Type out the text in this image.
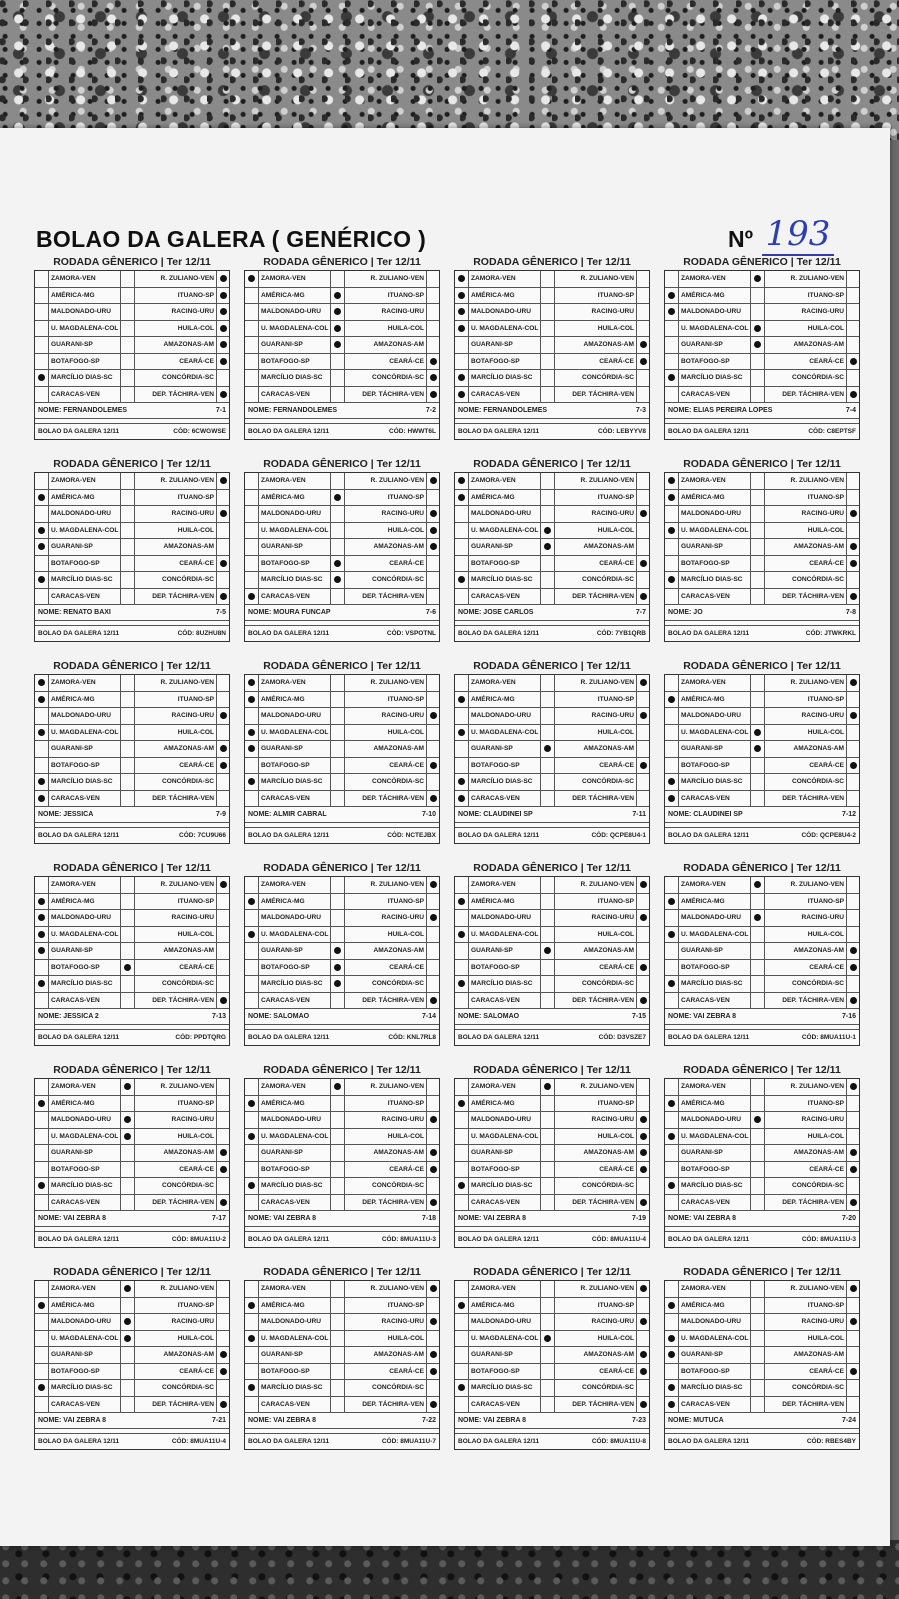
BOLAO DA GALERA ( GENÉRICO )	Nº 193
RODADA GÊNERICO | Ter 12/11
ZAMORA-VEN	R. ZULIANO-VEN
AMÉRICA-MG	ITUANO-SP
MALDONADO-URU	RACING-URU
U. MAGDALENA-COL	HUILA-COL
GUARANI-SP	AMAZONAS-AM
BOTAFOGO-SP	CEARÁ-CE
MARCÍLIO DIAS-SC	CONCÓRDIA-SC
CARACAS-VEN	DEP. TÁCHIRA-VEN
NOME: FERNANDOLEMES	7-1
BOLAO DA GALERA 12/11	CÓD: 6CWGWSE
RODADA GÊNERICO | Ter 12/11
ZAMORA-VEN	R. ZULIANO-VEN
AMÉRICA-MG	ITUANO-SP
MALDONADO-URU	RACING-URU
U. MAGDALENA-COL	HUILA-COL
GUARANI-SP	AMAZONAS-AM
BOTAFOGO-SP	CEARÁ-CE
MARCÍLIO DIAS-SC	CONCÓRDIA-SC
CARACAS-VEN	DEP. TÁCHIRA-VEN
NOME: FERNANDOLEMES	7-2
BOLAO DA GALERA 12/11	CÓD: HWWT6L
RODADA GÊNERICO | Ter 12/11
ZAMORA-VEN	R. ZULIANO-VEN
AMÉRICA-MG	ITUANO-SP
MALDONADO-URU	RACING-URU
U. MAGDALENA-COL	HUILA-COL
GUARANI-SP	AMAZONAS-AM
BOTAFOGO-SP	CEARÁ-CE
MARCÍLIO DIAS-SC	CONCÓRDIA-SC
CARACAS-VEN	DEP. TÁCHIRA-VEN
NOME: FERNANDOLEMES	7-3
BOLAO DA GALERA 12/11	CÓD: LEBYYV8
RODADA GÊNERICO | Ter 12/11
ZAMORA-VEN	R. ZULIANO-VEN
AMÉRICA-MG	ITUANO-SP
MALDONADO-URU	RACING-URU
U. MAGDALENA-COL	HUILA-COL
GUARANI-SP	AMAZONAS-AM
BOTAFOGO-SP	CEARÁ-CE
MARCÍLIO DIAS-SC	CONCÓRDIA-SC
CARACAS-VEN	DEP. TÁCHIRA-VEN
NOME: ELIAS PEREIRA LOPES	7-4
BOLAO DA GALERA 12/11	CÓD: C8EPTSF
RODADA GÊNERICO | Ter 12/11
ZAMORA-VEN	R. ZULIANO-VEN
AMÉRICA-MG	ITUANO-SP
MALDONADO-URU	RACING-URU
U. MAGDALENA-COL	HUILA-COL
GUARANI-SP	AMAZONAS-AM
BOTAFOGO-SP	CEARÁ-CE
MARCÍLIO DIAS-SC	CONCÓRDIA-SC
CARACAS-VEN	DEP. TÁCHIRA-VEN
NOME: RENATO BAXI	7-5
BOLAO DA GALERA 12/11	CÓD: 8UZHU8N
RODADA GÊNERICO | Ter 12/11
ZAMORA-VEN	R. ZULIANO-VEN
AMÉRICA-MG	ITUANO-SP
MALDONADO-URU	RACING-URU
U. MAGDALENA-COL	HUILA-COL
GUARANI-SP	AMAZONAS-AM
BOTAFOGO-SP	CEARÁ-CE
MARCÍLIO DIAS-SC	CONCÓRDIA-SC
CARACAS-VEN	DEP. TÁCHIRA-VEN
NOME: MOURA FUNCAP	7-6
BOLAO DA GALERA 12/11	CÓD: VSPOTNL
RODADA GÊNERICO | Ter 12/11
ZAMORA-VEN	R. ZULIANO-VEN
AMÉRICA-MG	ITUANO-SP
MALDONADO-URU	RACING-URU
U. MAGDALENA-COL	HUILA-COL
GUARANI-SP	AMAZONAS-AM
BOTAFOGO-SP	CEARÁ-CE
MARCÍLIO DIAS-SC	CONCÓRDIA-SC
CARACAS-VEN	DEP. TÁCHIRA-VEN
NOME: JOSE CARLOS	7-7
BOLAO DA GALERA 12/11	CÓD: 7YB1QRB
RODADA GÊNERICO | Ter 12/11
ZAMORA-VEN	R. ZULIANO-VEN
AMÉRICA-MG	ITUANO-SP
MALDONADO-URU	RACING-URU
U. MAGDALENA-COL	HUILA-COL
GUARANI-SP	AMAZONAS-AM
BOTAFOGO-SP	CEARÁ-CE
MARCÍLIO DIAS-SC	CONCÓRDIA-SC
CARACAS-VEN	DEP. TÁCHIRA-VEN
NOME: JO	7-8
BOLAO DA GALERA 12/11	CÓD: JTWKRKL
RODADA GÊNERICO | Ter 12/11
ZAMORA-VEN	R. ZULIANO-VEN
AMÉRICA-MG	ITUANO-SP
MALDONADO-URU	RACING-URU
U. MAGDALENA-COL	HUILA-COL
GUARANI-SP	AMAZONAS-AM
BOTAFOGO-SP	CEARÁ-CE
MARCÍLIO DIAS-SC	CONCÓRDIA-SC
CARACAS-VEN	DEP. TÁCHIRA-VEN
NOME: JESSICA	7-9
BOLAO DA GALERA 12/11	CÓD: 7CU9U66
RODADA GÊNERICO | Ter 12/11
ZAMORA-VEN	R. ZULIANO-VEN
AMÉRICA-MG	ITUANO-SP
MALDONADO-URU	RACING-URU
U. MAGDALENA-COL	HUILA-COL
GUARANI-SP	AMAZONAS-AM
BOTAFOGO-SP	CEARÁ-CE
MARCÍLIO DIAS-SC	CONCÓRDIA-SC
CARACAS-VEN	DEP. TÁCHIRA-VEN
NOME: ALMIR CABRAL	7-10
BOLAO DA GALERA 12/11	CÓD: NCTEJBX
RODADA GÊNERICO | Ter 12/11
ZAMORA-VEN	R. ZULIANO-VEN
AMÉRICA-MG	ITUANO-SP
MALDONADO-URU	RACING-URU
U. MAGDALENA-COL	HUILA-COL
GUARANI-SP	AMAZONAS-AM
BOTAFOGO-SP	CEARÁ-CE
MARCÍLIO DIAS-SC	CONCÓRDIA-SC
CARACAS-VEN	DEP. TÁCHIRA-VEN
NOME: CLAUDINEI SP	7-11
BOLAO DA GALERA 12/11	CÓD: QCPE8U4-1
RODADA GÊNERICO | Ter 12/11
ZAMORA-VEN	R. ZULIANO-VEN
AMÉRICA-MG	ITUANO-SP
MALDONADO-URU	RACING-URU
U. MAGDALENA-COL	HUILA-COL
GUARANI-SP	AMAZONAS-AM
BOTAFOGO-SP	CEARÁ-CE
MARCÍLIO DIAS-SC	CONCÓRDIA-SC
CARACAS-VEN	DEP. TÁCHIRA-VEN
NOME: CLAUDINEI SP	7-12
BOLAO DA GALERA 12/11	CÓD: QCPE8U4-2
RODADA GÊNERICO | Ter 12/11
ZAMORA-VEN	R. ZULIANO-VEN
AMÉRICA-MG	ITUANO-SP
MALDONADO-URU	RACING-URU
U. MAGDALENA-COL	HUILA-COL
GUARANI-SP	AMAZONAS-AM
BOTAFOGO-SP	CEARÁ-CE
MARCÍLIO DIAS-SC	CONCÓRDIA-SC
CARACAS-VEN	DEP. TÁCHIRA-VEN
NOME: JESSICA 2	7-13
BOLAO DA GALERA 12/11	CÓD: PPDTQRG
RODADA GÊNERICO | Ter 12/11
ZAMORA-VEN	R. ZULIANO-VEN
AMÉRICA-MG	ITUANO-SP
MALDONADO-URU	RACING-URU
U. MAGDALENA-COL	HUILA-COL
GUARANI-SP	AMAZONAS-AM
BOTAFOGO-SP	CEARÁ-CE
MARCÍLIO DIAS-SC	CONCÓRDIA-SC
CARACAS-VEN	DEP. TÁCHIRA-VEN
NOME: SALOMAO	7-14
BOLAO DA GALERA 12/11	CÓD: KNL7RL8
RODADA GÊNERICO | Ter 12/11
ZAMORA-VEN	R. ZULIANO-VEN
AMÉRICA-MG	ITUANO-SP
MALDONADO-URU	RACING-URU
U. MAGDALENA-COL	HUILA-COL
GUARANI-SP	AMAZONAS-AM
BOTAFOGO-SP	CEARÁ-CE
MARCÍLIO DIAS-SC	CONCÓRDIA-SC
CARACAS-VEN	DEP. TÁCHIRA-VEN
NOME: SALOMAO	7-15
BOLAO DA GALERA 12/11	CÓD: D3VSZE7
RODADA GÊNERICO | Ter 12/11
ZAMORA-VEN	R. ZULIANO-VEN
AMÉRICA-MG	ITUANO-SP
MALDONADO-URU	RACING-URU
U. MAGDALENA-COL	HUILA-COL
GUARANI-SP	AMAZONAS-AM
BOTAFOGO-SP	CEARÁ-CE
MARCÍLIO DIAS-SC	CONCÓRDIA-SC
CARACAS-VEN	DEP. TÁCHIRA-VEN
NOME: VAI ZEBRA 8	7-16
BOLAO DA GALERA 12/11	CÓD: 8MUA11U-1
RODADA GÊNERICO | Ter 12/11
ZAMORA-VEN	R. ZULIANO-VEN
AMÉRICA-MG	ITUANO-SP
MALDONADO-URU	RACING-URU
U. MAGDALENA-COL	HUILA-COL
GUARANI-SP	AMAZONAS-AM
BOTAFOGO-SP	CEARÁ-CE
MARCÍLIO DIAS-SC	CONCÓRDIA-SC
CARACAS-VEN	DEP. TÁCHIRA-VEN
NOME: VAI ZEBRA 8	7-17
BOLAO DA GALERA 12/11	CÓD: 8MUA11U-2
RODADA GÊNERICO | Ter 12/11
ZAMORA-VEN	R. ZULIANO-VEN
AMÉRICA-MG	ITUANO-SP
MALDONADO-URU	RACING-URU
U. MAGDALENA-COL	HUILA-COL
GUARANI-SP	AMAZONAS-AM
BOTAFOGO-SP	CEARÁ-CE
MARCÍLIO DIAS-SC	CONCÓRDIA-SC
CARACAS-VEN	DEP. TÁCHIRA-VEN
NOME: VAI ZEBRA 8	7-18
BOLAO DA GALERA 12/11	CÓD: 8MUA11U-3
RODADA GÊNERICO | Ter 12/11
ZAMORA-VEN	R. ZULIANO-VEN
AMÉRICA-MG	ITUANO-SP
MALDONADO-URU	RACING-URU
U. MAGDALENA-COL	HUILA-COL
GUARANI-SP	AMAZONAS-AM
BOTAFOGO-SP	CEARÁ-CE
MARCÍLIO DIAS-SC	CONCÓRDIA-SC
CARACAS-VEN	DEP. TÁCHIRA-VEN
NOME: VAI ZEBRA 8	7-19
BOLAO DA GALERA 12/11	CÓD: 8MUA11U-4
RODADA GÊNERICO | Ter 12/11
ZAMORA-VEN	R. ZULIANO-VEN
AMÉRICA-MG	ITUANO-SP
MALDONADO-URU	RACING-URU
U. MAGDALENA-COL	HUILA-COL
GUARANI-SP	AMAZONAS-AM
BOTAFOGO-SP	CEARÁ-CE
MARCÍLIO DIAS-SC	CONCÓRDIA-SC
CARACAS-VEN	DEP. TÁCHIRA-VEN
NOME: VAI ZEBRA 8	7-20
BOLAO DA GALERA 12/11	CÓD: 8MUA11U-3
RODADA GÊNERICO | Ter 12/11
ZAMORA-VEN	R. ZULIANO-VEN
AMÉRICA-MG	ITUANO-SP
MALDONADO-URU	RACING-URU
U. MAGDALENA-COL	HUILA-COL
GUARANI-SP	AMAZONAS-AM
BOTAFOGO-SP	CEARÁ-CE
MARCÍLIO DIAS-SC	CONCÓRDIA-SC
CARACAS-VEN	DEP. TÁCHIRA-VEN
NOME: VAI ZEBRA 8	7-21
BOLAO DA GALERA 12/11	CÓD: 8MUA11U-4
RODADA GÊNERICO | Ter 12/11
ZAMORA-VEN	R. ZULIANO-VEN
AMÉRICA-MG	ITUANO-SP
MALDONADO-URU	RACING-URU
U. MAGDALENA-COL	HUILA-COL
GUARANI-SP	AMAZONAS-AM
BOTAFOGO-SP	CEARÁ-CE
MARCÍLIO DIAS-SC	CONCÓRDIA-SC
CARACAS-VEN	DEP. TÁCHIRA-VEN
NOME: VAI ZEBRA 8	7-22
BOLAO DA GALERA 12/11	CÓD: 8MUA11U-7
RODADA GÊNERICO | Ter 12/11
ZAMORA-VEN	R. ZULIANO-VEN
AMÉRICA-MG	ITUANO-SP
MALDONADO-URU	RACING-URU
U. MAGDALENA-COL	HUILA-COL
GUARANI-SP	AMAZONAS-AM
BOTAFOGO-SP	CEARÁ-CE
MARCÍLIO DIAS-SC	CONCÓRDIA-SC
CARACAS-VEN	DEP. TÁCHIRA-VEN
NOME: VAI ZEBRA 8	7-23
BOLAO DA GALERA 12/11	CÓD: 8MUA11U-8
RODADA GÊNERICO | Ter 12/11
ZAMORA-VEN	R. ZULIANO-VEN
AMÉRICA-MG	ITUANO-SP
MALDONADO-URU	RACING-URU
U. MAGDALENA-COL	HUILA-COL
GUARANI-SP	AMAZONAS-AM
BOTAFOGO-SP	CEARÁ-CE
MARCÍLIO DIAS-SC	CONCÓRDIA-SC
CARACAS-VEN	DEP. TÁCHIRA-VEN
NOME: MUTUCA	7-24
BOLAO DA GALERA 12/11	CÓD: RBES4BY
